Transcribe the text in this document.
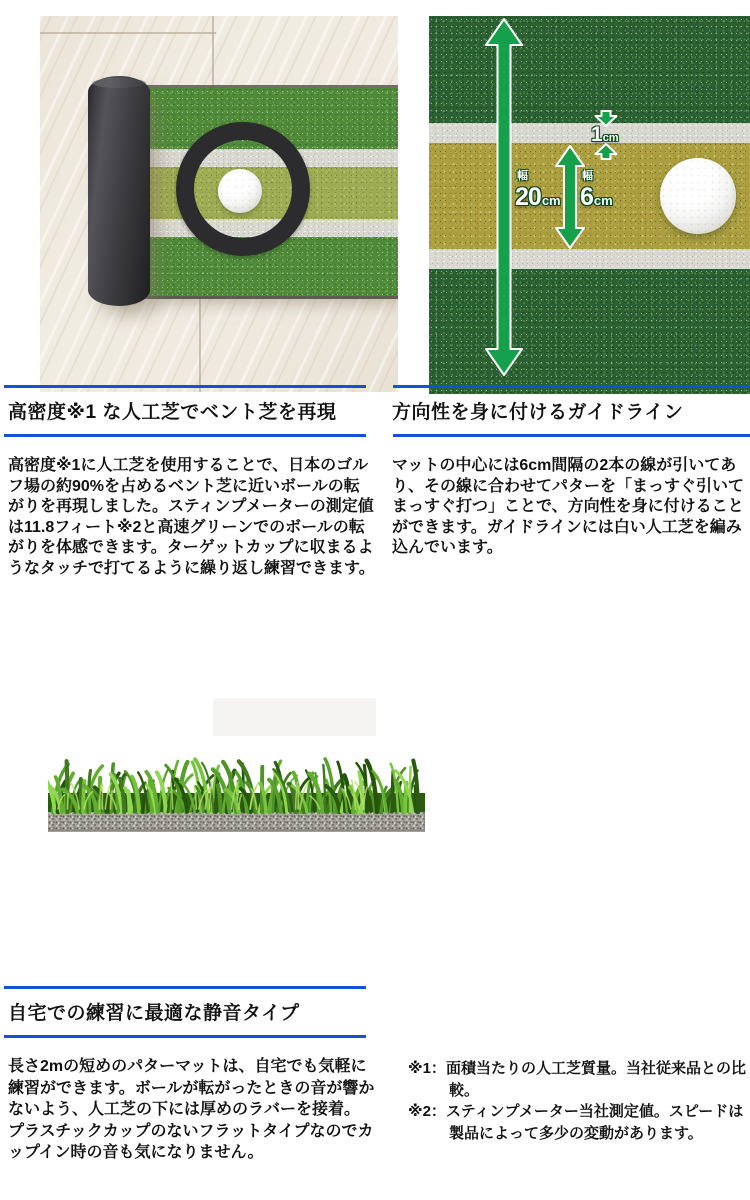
幅
20cm
幅
6cm
1cm
高密度※1 な人工芝でベント芝を再現

高密度※1に人工芝を使用することで、日本のゴルフ場の約90%を占めるベント芝に近いボールの転がりを再現しました。スティンプメーターの測定値は11.8フィート※2と高速グリーンでのボールの転がりを体感できます。ターゲットカップに収まるようなタッチで打てるように繰り返し練習できます。

方向性を身に付けるガイドライン

マットの中心には6cm間隔の2本の線が引いてあり、その線に合わせてパターを「まっすぐ引いてまっすぐ打つ」ことで、方向性を身に付けることができます。ガイドラインには白い人工芝を編み込んでいます。

自宅での練習に最適な静音タイプ

長さ2mの短めのパターマットは、自宅でも気軽に練習ができます。ボールが転がったときの音が響かないよう、人工芝の下には厚めのラバーを接着。プラスチックカップのないフラットタイプなのでカップイン時の音も気になりません。

※1：面積当たりの人工芝質量。当社従来品との比較。
※2：スティンプメーター当社測定値。スピードは製品によって多少の変動があります。
